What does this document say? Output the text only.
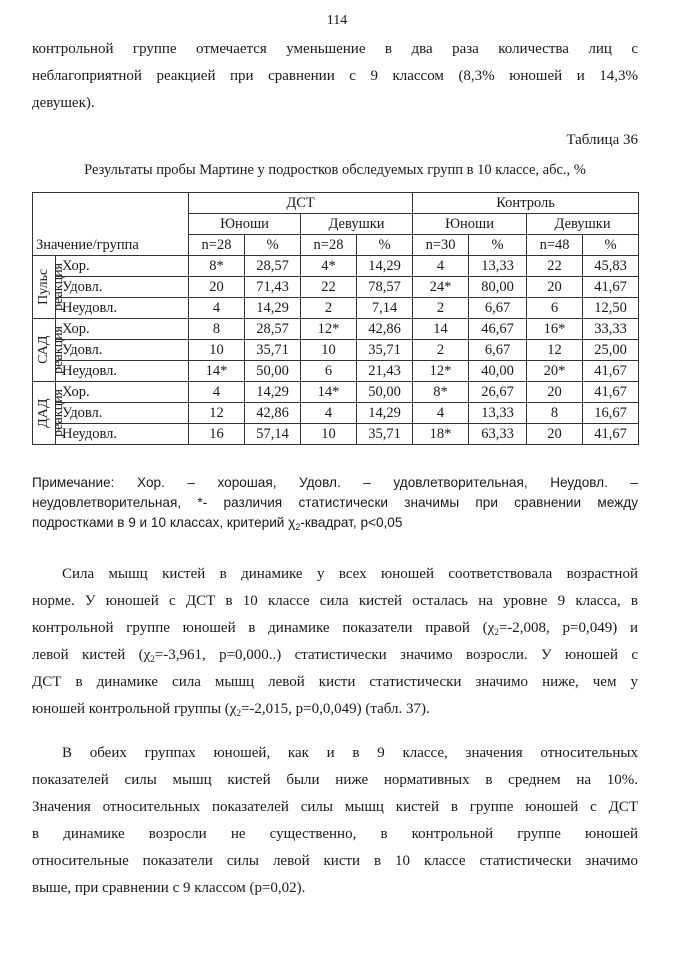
114
контрольной группе отмечается уменьшение в два раза количества лиц с
неблагоприятной реакцией при сравнении с 9 классом (8,3% юношей и 14,3%
девушек).
Таблица 36
Результаты пробы Мартине у подростков обследуемых групп в 10 классе, абс., %
Значение/группа		ДСТ				Контроль			
		Юноши		Девушки		Юноши		Девушки	
		n=28	%	n=28	%	n=30	%	n=48	%

Пульс
реакция	Хор.	8*	28,57	4*	14,29	4	13,33	22	45,83
	Удовл.	20	71,43	22	78,57	24*	80,00	20	41,67
	Неудовл.	4	14,29	2	7,14	2	6,67	6	12,50

САД
реакция	Хор.	8	28,57	12*	42,86	14	46,67	16*	33,33
	Удовл.	10	35,71	10	35,71	2	6,67	12	25,00
	Неудовл.	14*	50,00	6	21,43	12*	40,00	20*	41,67

ДАД
реакция	Хор.	4	14,29	14*	50,00	8*	26,67	20	41,67
	Удовл.	12	42,86	4	14,29	4	13,33	8	16,67
	Неудовл.	16	57,14	10	35,71	18*	63,33	20	41,67
Примечание: Хор. – хорошая, Удовл. – удовлетворительная, Неудовл. –
неудовлетворительная, *- различия статистически значимы при сравнении между
подростками в 9 и 10 классах, критерий $\chi_2$-квадрат, p<0,05
Сила мышц кистей в динамике у всех юношей соответствовала возрастной
норме. У юношей с ДСТ в 10 классе сила кистей осталась на уровне 9 класса, в
контрольной группе юношей в динамике показатели правой ($\chi_2=-2,008$, p=0,049) и
левой кистей ($\chi_2=-3,961$, p=0,000..) статистически значимо возросли. У юношей с
ДСТ в динамике сила мышц левой кисти статистически значимо ниже, чем у
юношей контрольной группы ($\chi_2=-2,015$, p=0,0,049) (табл. 37).
В обеих группах юношей, как и в 9 классе, значения относительных
показателей силы мышц кистей были ниже нормативных в среднем на 10%.
Значения относительных показателей силы мышц кистей в группе юношей с ДСТ
в динамике возросли не существенно, в контрольной группе юношей
относительные показатели силы левой кисти в 10 классе статистически значимо
выше, при сравнении с 9 классом (p=0,02).
